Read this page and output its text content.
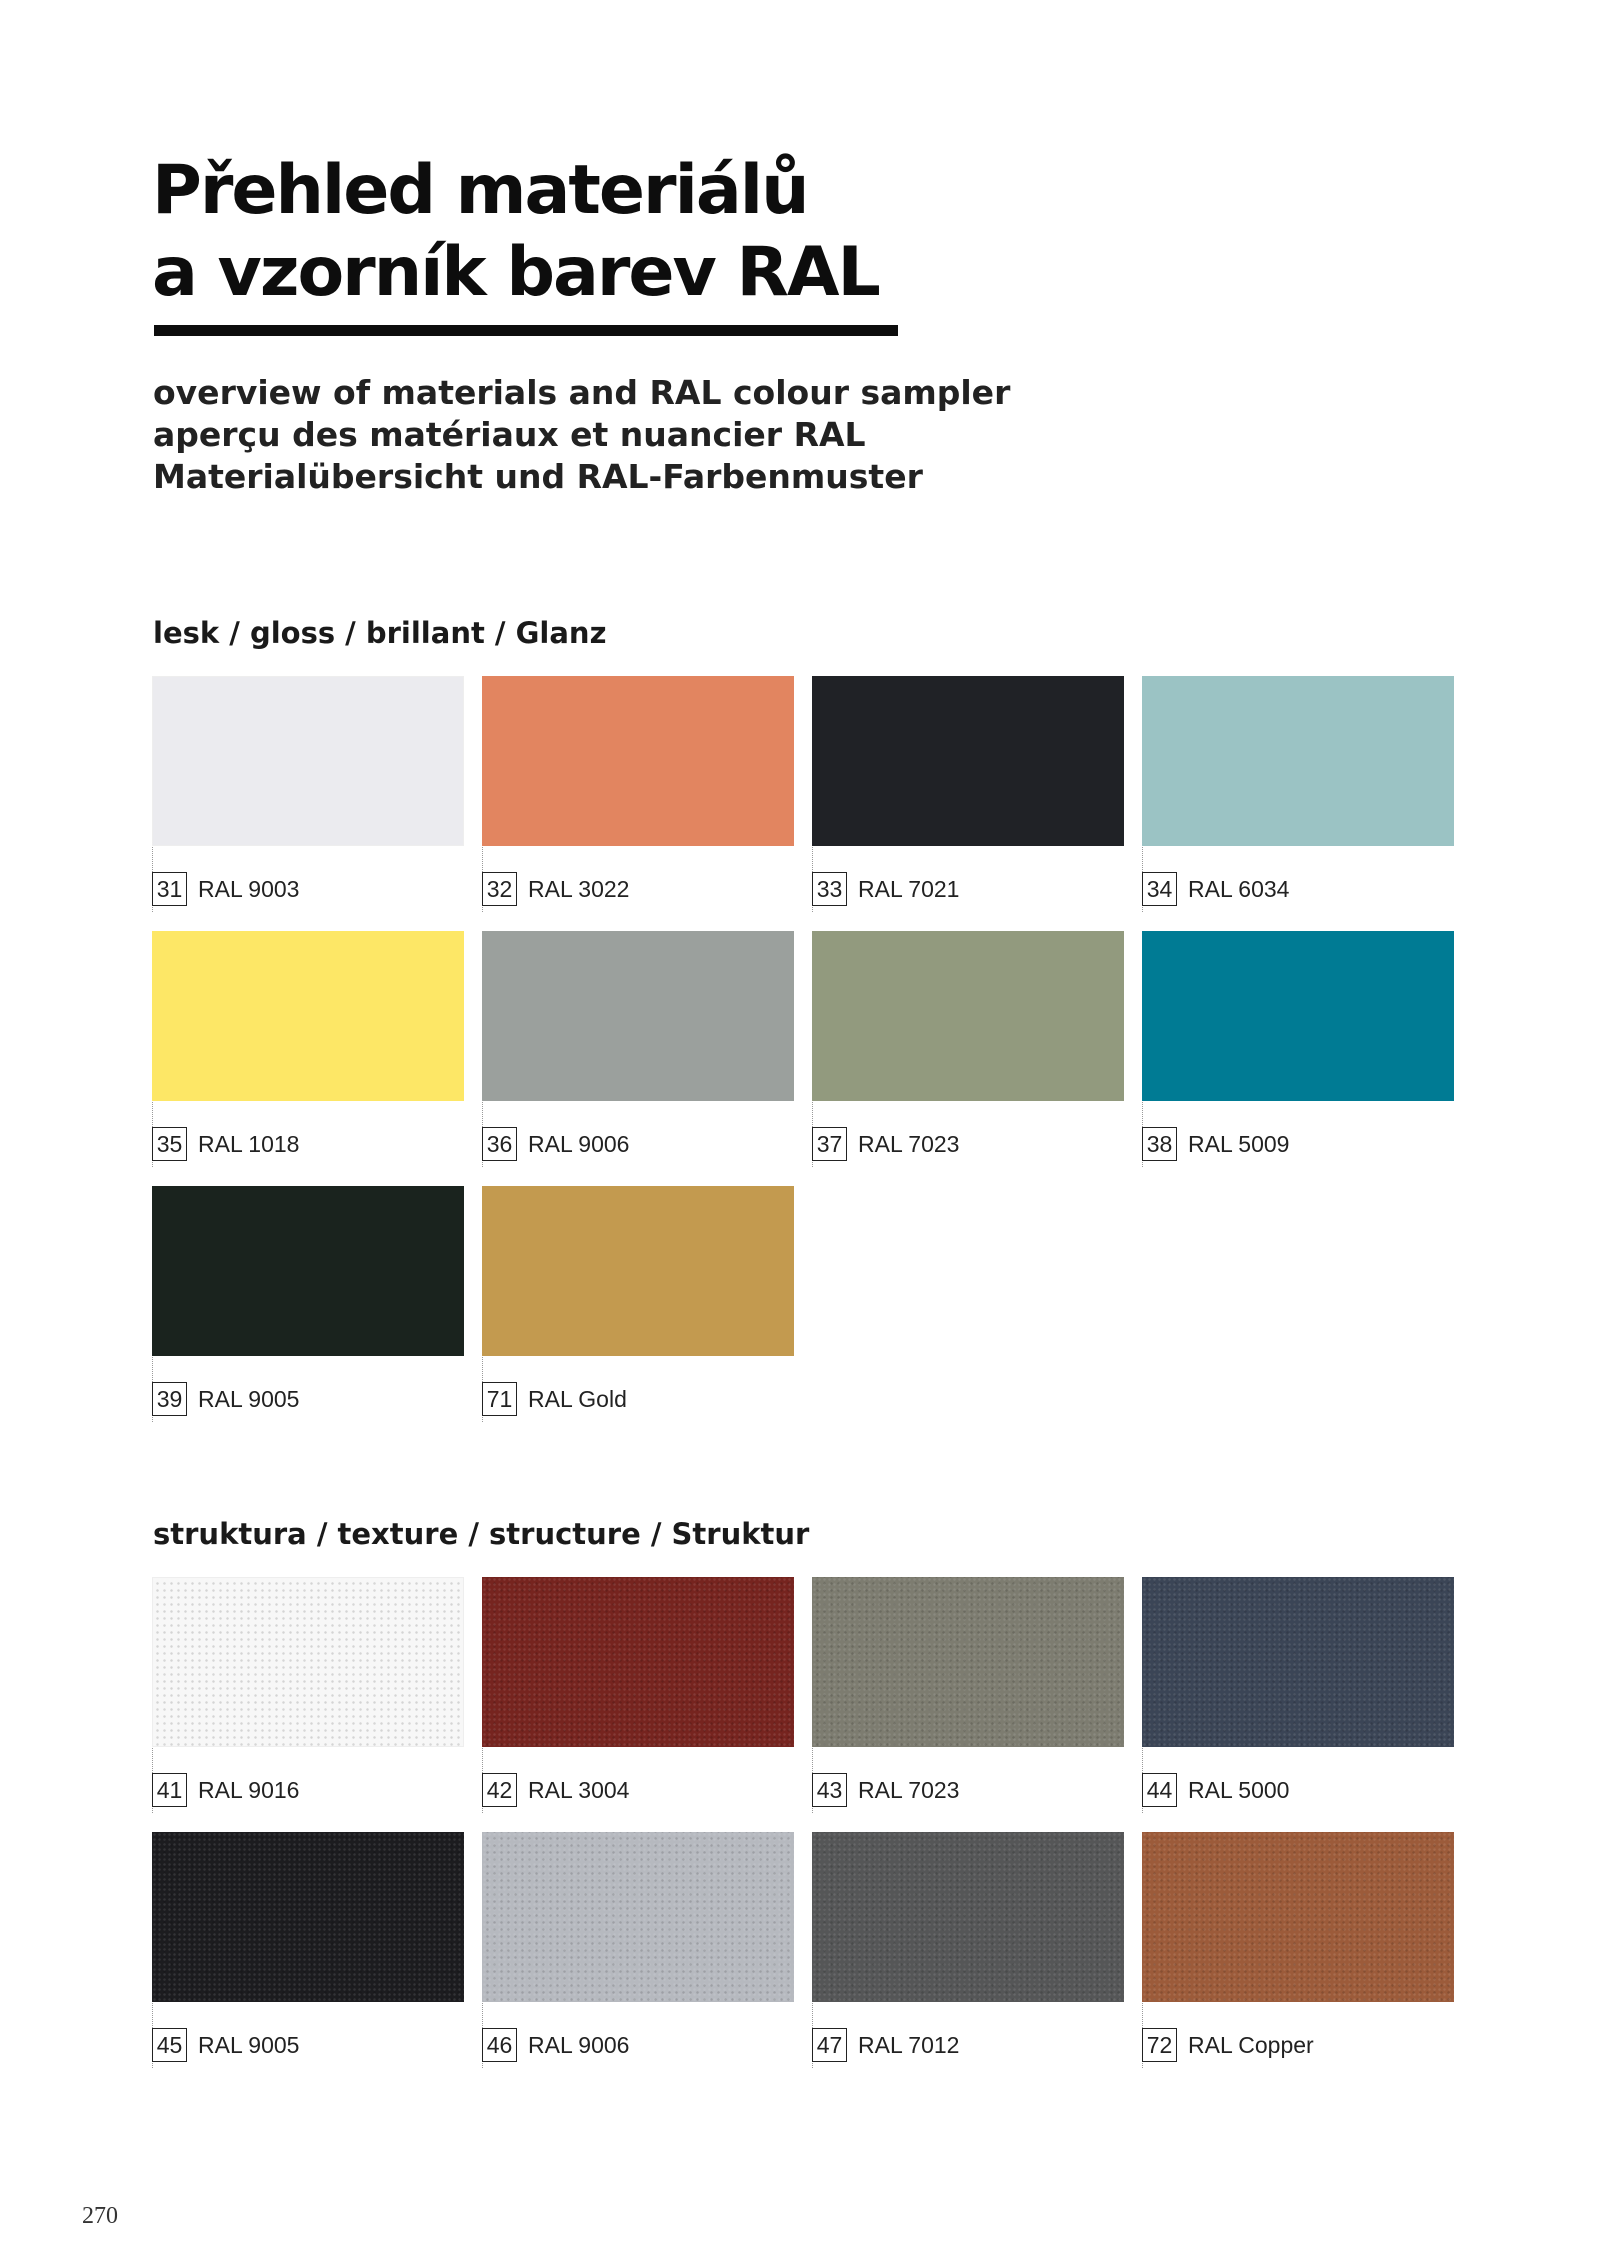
Přehled materiálů
a vzorník barev RAL
overview of materials and RAL colour sampler
aperçu des matériaux et nuancier RAL
Materialübersicht und RAL-Farbenmuster
lesk / gloss / brillant / Glanz
31 RAL 9003	32 RAL 3022	33 RAL 7021	34 RAL 6034
35 RAL 1018	36 RAL 9006	37 RAL 7023	38 RAL 5009
39 RAL 9005	71 RAL Gold
struktura / texture / structure / Struktur
41 RAL 9016	42 RAL 3004	43 RAL 7023	44 RAL 5000
45 RAL 9005	46 RAL 9006	47 RAL 7012	72 RAL Copper
270
